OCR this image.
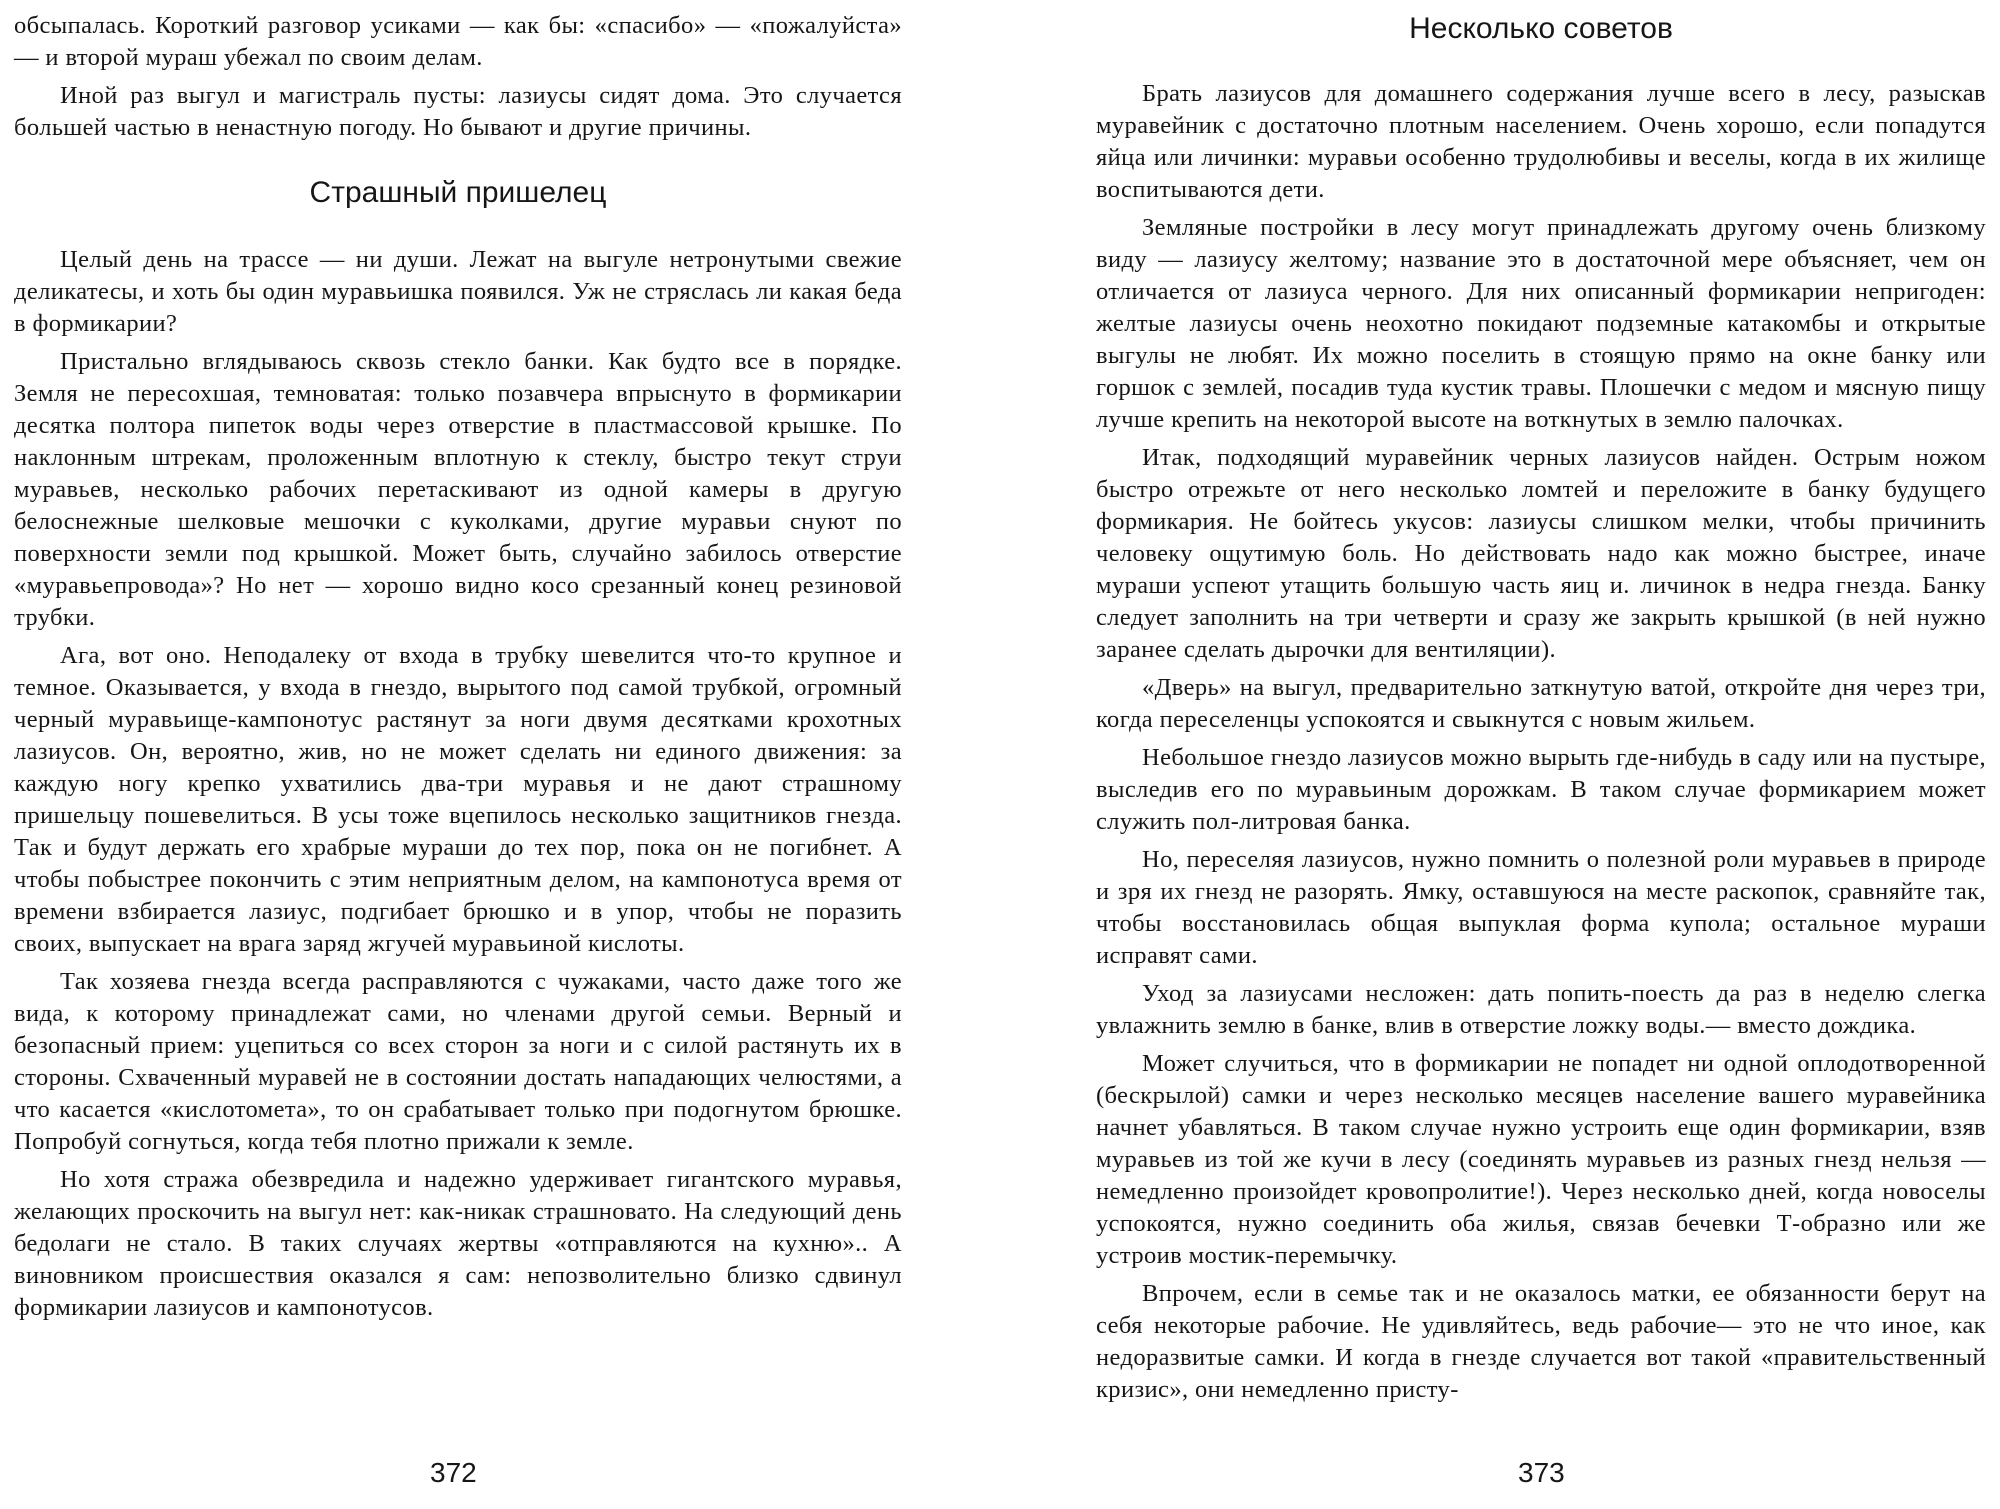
обсыпалась. Короткий разговор усиками — как бы: «спасибо» — «пожалуйста» — и второй мураш убежал по своим делам.

Иной раз выгул и магистраль пусты: лазиусы сидят дома. Это случается большей частью в ненастную погоду. Но бывают и другие причины.

Страшный пришелец

Целый день на трассе — ни души. Лежат на выгуле нетронутыми свежие деликатесы, и хоть бы один муравьишка появился. Уж не стряслась ли какая беда в формикарии?

Пристально вглядываюсь сквозь стекло банки. Как будто все в порядке. Земля не пересохшая, темноватая: только позавчера впрыснуто в формикарии десятка полтора пипеток воды через отверстие в пластмассовой крышке. По наклонным штрекам, проложенным вплотную к стеклу, быстро текут струи муравьев, несколько рабочих перетаскивают из одной камеры в другую белоснежные шелковые мешочки с куколками, другие муравьи снуют по поверхности земли под крышкой. Может быть, случайно забилось отверстие «муравьепровода»? Но нет — хорошо видно косо срезанный конец резиновой трубки.

Ага, вот оно. Неподалеку от входа в трубку шевелится что-то крупное и темное. Оказывается, у входа в гнездо, вырытого под самой трубкой, огромный черный муравьище-кампонотус растянут за ноги двумя десятками крохотных лазиусов. Он, вероятно, жив, но не может сделать ни единого движения: за каждую ногу крепко ухватились два-три муравья и не дают страшному пришельцу пошевелиться. В усы тоже вцепилось несколько защитников гнезда. Так и будут держать его храбрые мураши до тех пор, пока он не погибнет. А чтобы побыстрее покончить с этим неприятным делом, на кампонотуса время от времени взбирается лазиус, подгибает брюшко и в упор, чтобы не поразить своих, выпускает на врага заряд жгучей муравьиной кислоты.

Так хозяева гнезда всегда расправляются с чужаками, часто даже того же вида, к которому принадлежат сами, но членами другой семьи. Верный и безопасный прием: уцепиться со всех сторон за ноги и с силой растянуть их в стороны. Схваченный муравей не в состоянии достать нападающих челюстями, а что касается «кислотомета», то он срабатывает только при подогнутом брюшке. Попробуй согнуться, когда тебя плотно прижали к земле.

Но хотя стража обезвредила и надежно удерживает гигантского муравья, желающих проскочить на выгул нет: как-никак страшновато. На следующий день бедолаги не стало. В таких случаях жертвы «отправляются на кухню».. А виновником происшествия оказался я сам: непозволительно близко сдвинул формикарии лазиусов и кампонотусов.

372
Несколько советов

Брать лазиусов для домашнего содержания лучше всего в лесу, разыскав муравейник с достаточно плотным населением. Очень хорошо, если попадутся яйца или личинки: муравьи особенно трудолюбивы и веселы, когда в их жилище воспитываются дети.

Земляные постройки в лесу могут принадлежать другому очень близкому виду — лазиусу желтому; название это в достаточной мере объясняет, чем он отличается от лазиуса черного. Для них описанный формикарии непригоден: желтые лазиусы очень неохотно покидают подземные катакомбы и открытые выгулы не любят. Их можно поселить в стоящую прямо на окне банку или горшок с землей, посадив туда кустик травы. Плошечки с медом и мясную пищу лучше крепить на некоторой высоте на воткнутых в землю палочках.

Итак, подходящий муравейник черных лазиусов найден. Острым ножом быстро отрежьте от него несколько ломтей и переложите в банку будущего формикария. Не бойтесь укусов: лазиусы слишком мелки, чтобы причинить человеку ощутимую боль. Но действовать надо как можно быстрее, иначе мураши успеют утащить большую часть яиц и. личинок в недра гнезда. Банку следует заполнить на три четверти и сразу же закрыть крышкой (в ней нужно заранее сделать дырочки для вентиляции).

«Дверь» на выгул, предварительно заткнутую ватой, откройте дня через три, когда переселенцы успокоятся и свыкнутся с новым жильем.

Небольшое гнездо лазиусов можно вырыть где-нибудь в саду или на пустыре, выследив его по муравьиным дорожкам. В таком случае формикарием может служить пол-литровая банка.

Но, переселяя лазиусов, нужно помнить о полезной роли муравьев в природе и зря их гнезд не разорять. Ямку, оставшуюся на месте раскопок, сравняйте так, чтобы восстановилась общая выпуклая форма купола; остальное мураши исправят сами.

Уход за лазиусами несложен: дать попить-поесть да раз в неделю слегка увлажнить землю в банке, влив в отверстие ложку воды.— вместо дождика.

Может случиться, что в формикарии не попадет ни одной оплодотворенной (бескрылой) самки и через несколько месяцев население вашего муравейника начнет убавляться. В таком случае нужно устроить еще один формикарии, взяв муравьев из той же кучи в лесу (соединять муравьев из разных гнезд нельзя — немедленно произойдет кровопролитие!). Через несколько дней, когда новоселы успокоятся, нужно соединить оба жилья, связав бечевки Т-образно или же устроив мостик-перемычку.

Впрочем, если в семье так и не оказалось матки, ее обязанности берут на себя некоторые рабочие. Не удивляйтесь, ведь рабочие— это не что иное, как недоразвитые самки. И когда в гнезде случается вот такой «правительственный кризис», они немедленно присту-

373
